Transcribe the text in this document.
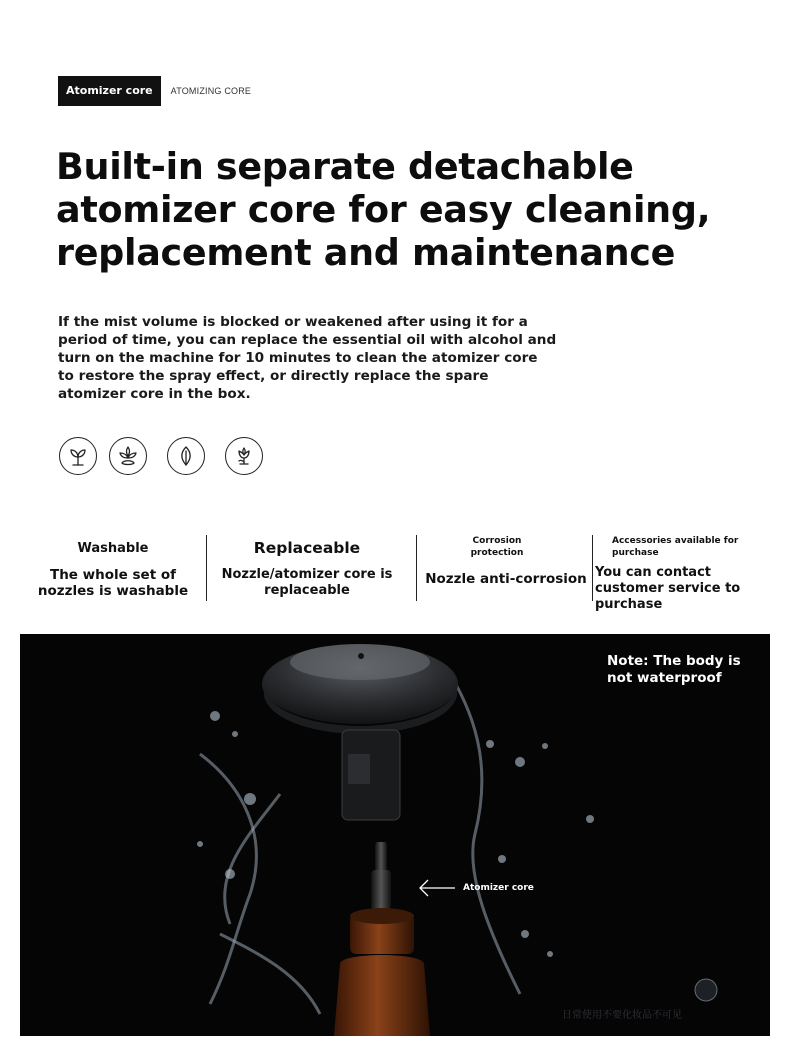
Atomizer core	ATOMIZING CORE
Built-in separate detachable atomizer core for easy cleaning, replacement and maintenance

If the mist volume is blocked or weakened after using it for a period of time, you can replace the essential oil with alcohol and turn on the machine for 10 minutes to clean the atomizer core to restore the spray effect, or directly replace the spare atomizer core in the box.

Washable
The whole set of nozzles is washable
Replaceable
Nozzle/atomizer core is replaceable
Corrosion protection
Nozzle anti-corrosion
Accessories available for purchase
You can contact customer service to purchase
Note: The body is not waterproof
Atomizer core
日常使用不要化妆品不可见
